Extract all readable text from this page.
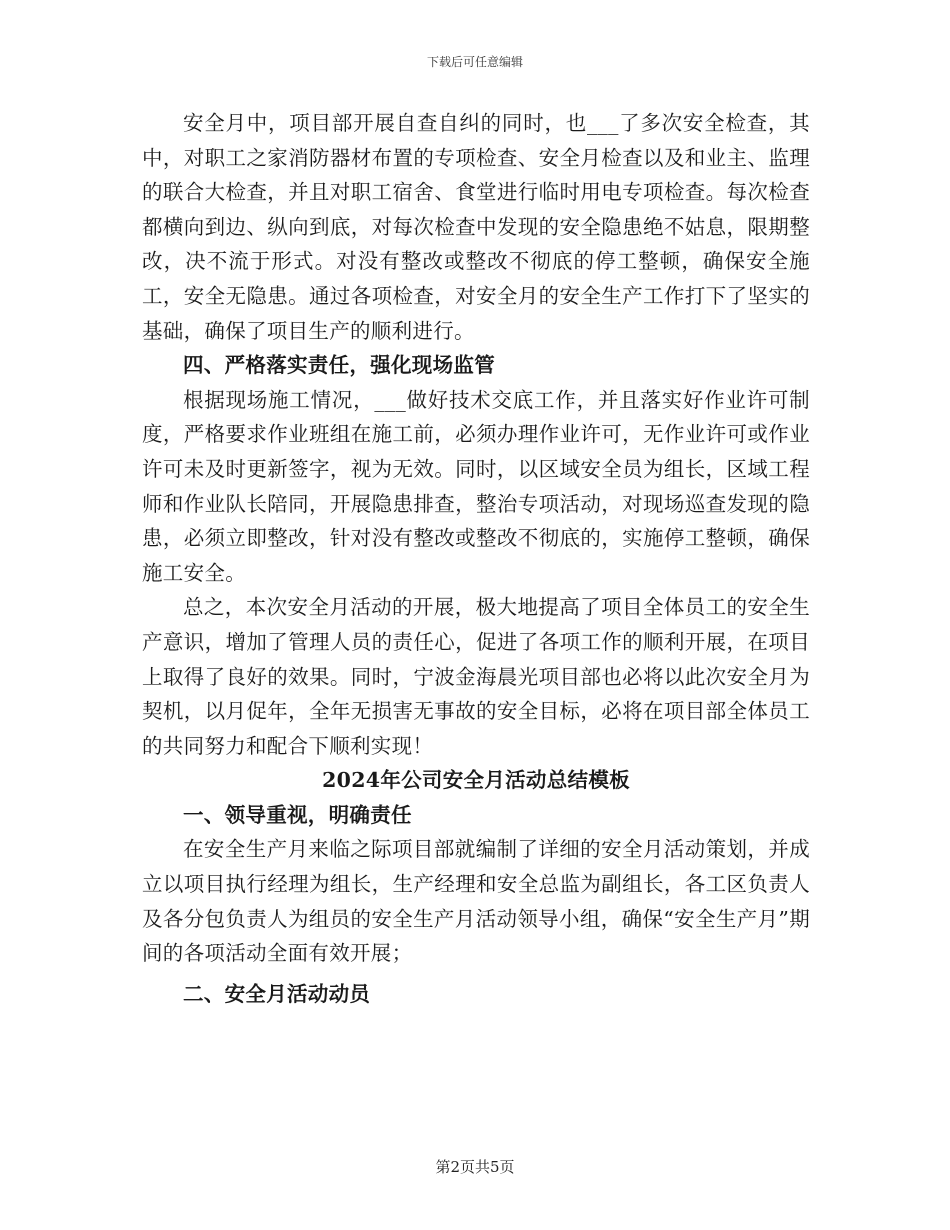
下载后可任意编辑

安全月中，项目部开展自查自纠的同时，也___了多次安全检查，其中，对职工之家消防器材布置的专项检查、安全月检查以及和业主、监理的联合大检查，并且对职工宿舍、食堂进行临时用电专项检查。每次检查都横向到边、纵向到底，对每次检查中发现的安全隐患绝不姑息，限期整改，决不流于形式。对没有整改或整改不彻底的停工整顿，确保安全施工，安全无隐患。通过各项检查，对安全月的安全生产工作打下了坚实的基础，确保了项目生产的顺利进行。

四、严格落实责任，强化现场监管

根据现场施工情况，___做好技术交底工作，并且落实好作业许可制度，严格要求作业班组在施工前，必须办理作业许可，无作业许可或作业许可未及时更新签字，视为无效。同时，以区域安全员为组长，区域工程师和作业队长陪同，开展隐患排查，整治专项活动，对现场巡查发现的隐患，必须立即整改，针对没有整改或整改不彻底的，实施停工整顿，确保施工安全。

总之，本次安全月活动的开展，极大地提高了项目全体员工的安全生产意识，增加了管理人员的责任心，促进了各项工作的顺利开展，在项目上取得了良好的效果。同时，宁波金海晨光项目部也必将以此次安全月为契机，以月促年，全年无损害无事故的安全目标，必将在项目部全体员工的共同努力和配合下顺利实现！

2024年公司安全月活动总结模板

一、领导重视，明确责任

在安全生产月来临之际项目部就编制了详细的安全月活动策划，并成立以项目执行经理为组长，生产经理和安全总监为副组长，各工区负责人及各分包负责人为组员的安全生产月活动领导小组，确保“安全生产月”期间的各项活动全面有效开展；

二、安全月活动动员

第2页共5页
